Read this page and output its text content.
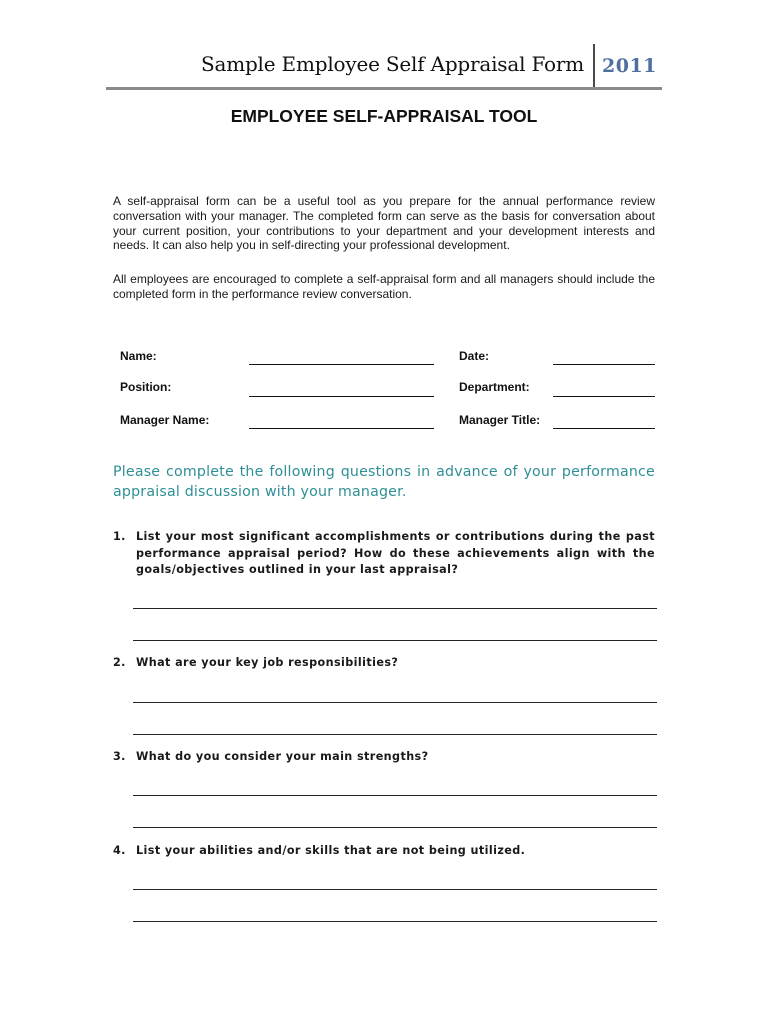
Sample Employee Self Appraisal Form 2011
EMPLOYEE SELF-APPRAISAL TOOL
A self-appraisal form can be a useful tool as you prepare for the annual performance review conversation with your manager. The completed form can serve as the basis for conversation about your current position, your contributions to your department and your development interests and needs. It can also help you in self-directing your professional development.
All employees are encouraged to complete a self-appraisal form and all managers should include the completed form in the performance review conversation.
Name:	Date:
Position:	Department:
Manager Name:	Manager Title:
Please complete the following questions in advance of your performance appraisal discussion with your manager.
1. List your most significant accomplishments or contributions during the past performance appraisal period? How do these achievements align with the goals/objectives outlined in your last appraisal?
2. What are your key job responsibilities?
3. What do you consider your main strengths?
4. List your abilities and/or skills that are not being utilized.
